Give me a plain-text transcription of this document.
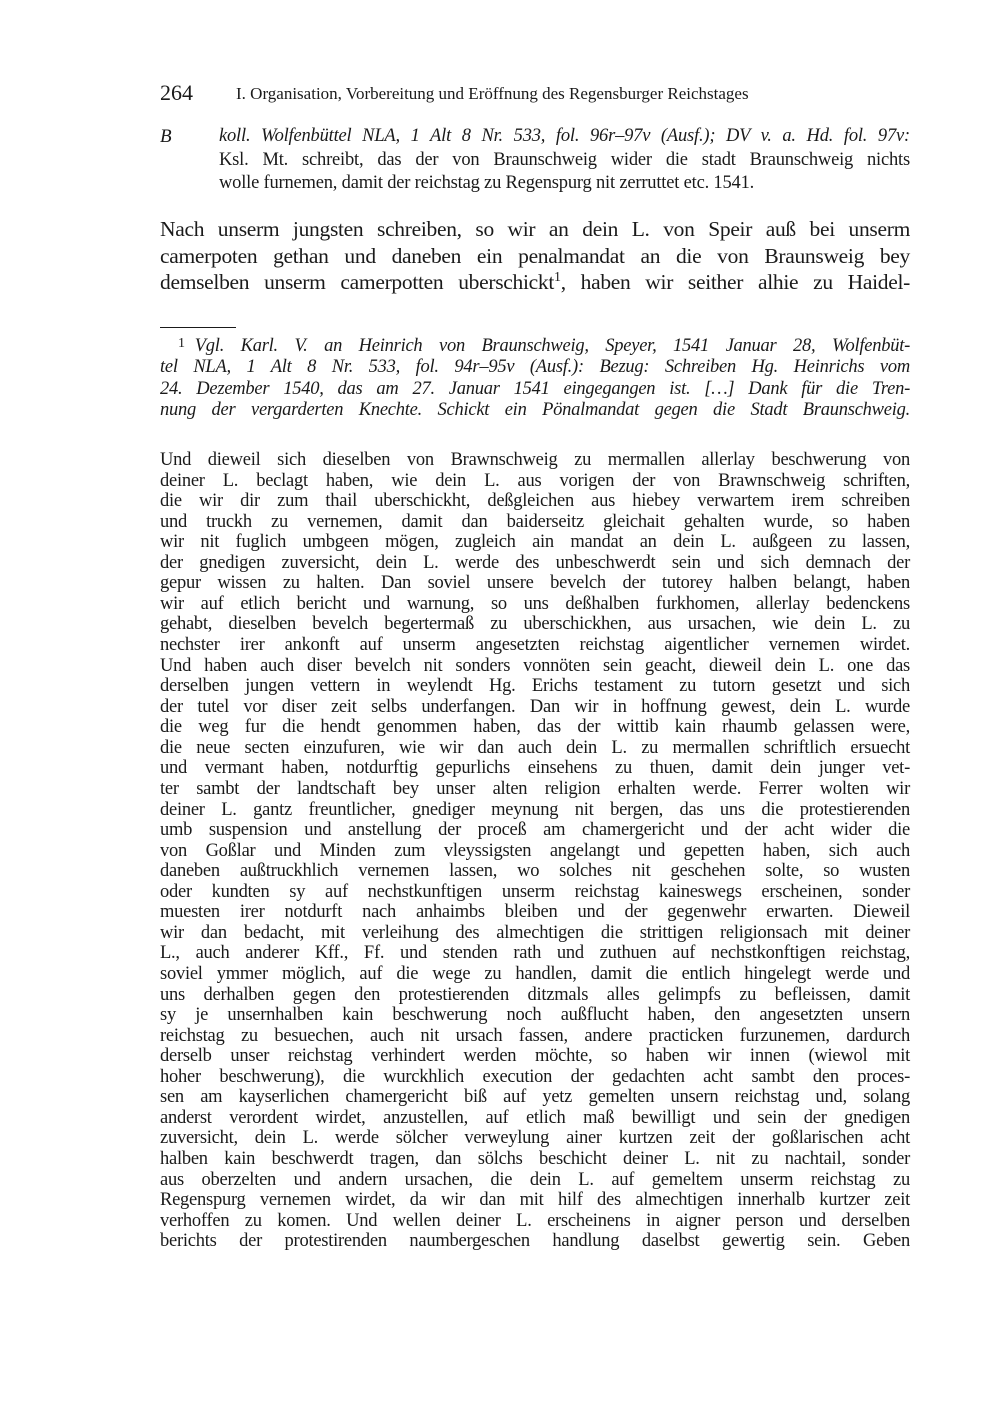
264	I. Organisation, Vorbereitung und Eröffnung des Regensburger Reichstages
B	koll. Wolfenbüttel NLA, 1 Alt 8 Nr. 533, fol. 96r–97v (Ausf.); DV v. a. Hd. fol. 97v:
Ksl. Mt. schreibt, das der von Braunschweig wider die stadt Braunschweig nichts
wolle furnemen, damit der reichstag zu Regenspurg nit zerruttet etc. 1541.
Nach unserm jungsten schreiben, so wir an dein L. von Speir auß bei unserm
camerpoten gethan und daneben ein penalmandat an die von Braunsweig bey
demselben unserm camerpotten uberschickt$^1$, haben wir seither alhie zu Haidel-
$^1$ Vgl. Karl. V. an Heinrich von Braunschweig, Speyer, 1541 Januar 28, Wolfenbüt-
tel NLA, 1 Alt 8 Nr. 533, fol. 94r–95v (Ausf.): Bezug: Schreiben Hg. Heinrichs vom
24. Dezember 1540, das am 27. Januar 1541 eingegangen ist. […] Dank für die Tren-
nung der vergarderten Knechte. Schickt ein Pönalmandat gegen die Stadt Braunschweig.
Und dieweil sich dieselben von Brawnschweig zu mermallen allerlay beschwerung von
deiner L. beclagt haben, wie dein L. aus vorigen der von Brawnschweig schriften,
die wir dir zum thail uberschickht, deßgleichen aus hiebey verwartem irem schreiben
und truckh zu vernemen, damit dan baiderseitz gleichait gehalten wurde, so haben
wir nit fuglich umbgeen mögen, zugleich ain mandat an dein L. außgeen zu lassen,
der gnedigen zuversicht, dein L. werde des unbeschwerdt sein und sich demnach der
gepur wissen zu halten. Dan soviel unsere bevelch der tutorey halben belangt, haben
wir auf etlich bericht und warnung, so uns deßhalben furkhomen, allerlay bedenckens
gehabt, dieselben bevelch begertermaß zu uberschickhen, aus ursachen, wie dein L. zu
nechster irer ankonft auf unserm angesetzten reichstag aigentlicher vernemen wirdet.
Und haben auch diser bevelch nit sonders vonnöten sein geacht, dieweil dein L. one das
derselben jungen vettern in weylendt Hg. Erichs testament zu tutorn gesetzt und sich
der tutel vor diser zeit selbs underfangen. Dan wir in hoffnung gewest, dein L. wurde
die weg fur die hendt genommen haben, das der wittib kain rhaumb gelassen were,
die neue secten einzufuren, wie wir dan auch dein L. zu mermallen schriftlich ersuecht
und vermant haben, notdurftig gepurlichs einsehens zu thuen, damit dein junger vet-
ter sambt der landtschaft bey unser alten religion erhalten werde. Ferrer wolten wir
deiner L. gantz freuntlicher, gnediger meynung nit bergen, das uns die protestierenden
umb suspension und anstellung der proceß am chamergericht und der acht wider die
von Goßlar und Minden zum vleyssigsten angelangt und gepetten haben, sich auch
daneben außtruckhlich vernemen lassen, wo solches nit geschehen solte, so wusten
oder kundten sy auf nechstkunftigen unserm reichstag kaineswegs erscheinen, sonder
muesten irer notdurft nach anhaimbs bleiben und der gegenwehr erwarten. Dieweil
wir dan bedacht, mit verleihung des almechtigen die strittigen religionsach mit deiner
L., auch anderer Kff., Ff. und stenden rath und zuthuen auf nechstkonftigen reichstag,
soviel ymmer möglich, auf die wege zu handlen, damit die entlich hingelegt werde und
uns derhalben gegen den protestierenden ditzmals alles gelimpfs zu befleissen, damit
sy je unsernhalben kain beschwerung noch außflucht haben, den angesetzten unsern
reichstag zu besuechen, auch nit ursach fassen, andere practicken furzunemen, dardurch
derselb unser reichstag verhindert werden möchte, so haben wir innen (wiewol mit
hoher beschwerung), die wurckhlich execution der gedachten acht sambt den proces-
sen am kayserlichen chamergericht biß auf yetz gemelten unsern reichstag und, solang
anderst verordent wirdet, anzustellen, auf etlich maß bewilligt und sein der gnedigen
zuversicht, dein L. werde sölcher verweylung ainer kurtzen zeit der goßlarischen acht
halben kain beschwerdt tragen, dan sölchs beschicht deiner L. nit zu nachtail, sonder
aus oberzelten und andern ursachen, die dein L. auf gemeltem unserm reichstag zu
Regenspurg vernemen wirdet, da wir dan mit hilf des almechtigen innerhalb kurtzer zeit
verhoffen zu komen. Und wellen deiner L. erscheinens in aigner person und derselben
berichts der protestirenden naumbergeschen handlung daselbst gewertig sein. Geben
